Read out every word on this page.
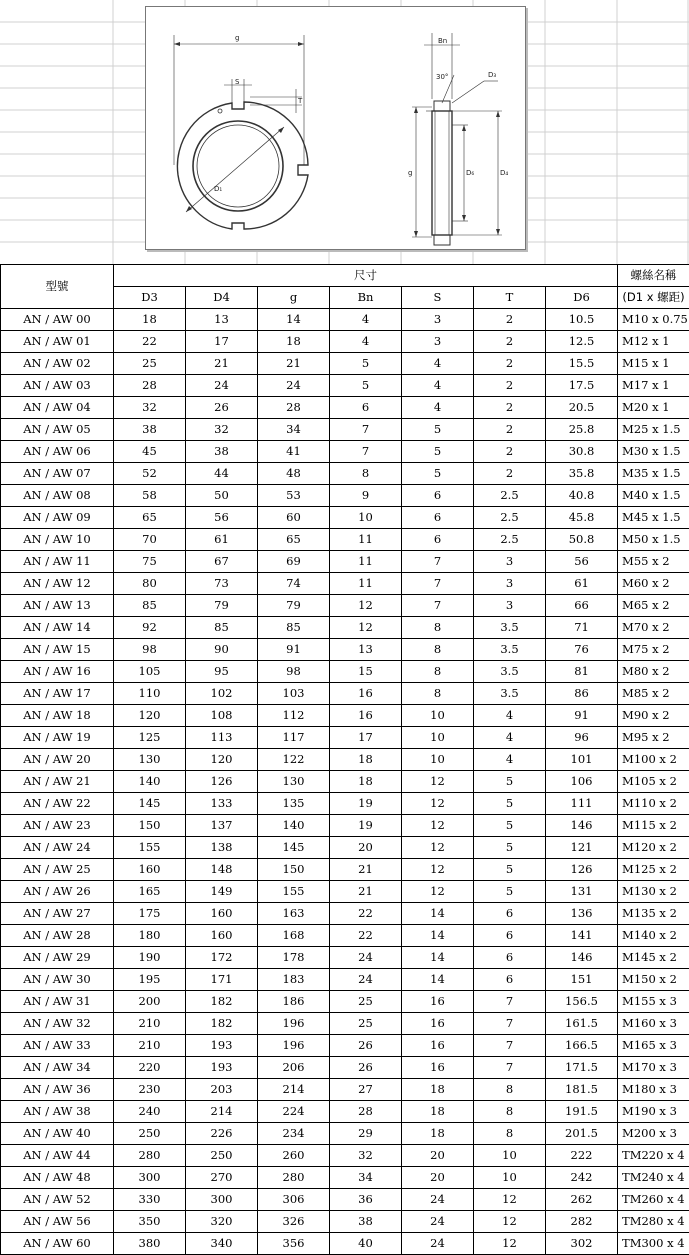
g
S
T
D₁
Bn
30°	D₃
g	D₆	D₄
型號	尺寸							螺絲名稱
	D3	D4	g	Bn	S	T	D6	(D1 x 螺距)
AN / AW 00	18	13	14	4	3	2	10.5	M10 x 0.75
AN / AW 01	22	17	18	4	3	2	12.5	M12 x 1
AN / AW 02	25	21	21	5	4	2	15.5	M15 x 1
AN / AW 03	28	24	24	5	4	2	17.5	M17 x 1
AN / AW 04	32	26	28	6	4	2	20.5	M20 x 1
AN / AW 05	38	32	34	7	5	2	25.8	M25 x 1.5
AN / AW 06	45	38	41	7	5	2	30.8	M30 x 1.5
AN / AW 07	52	44	48	8	5	2	35.8	M35 x 1.5
AN / AW 08	58	50	53	9	6	2.5	40.8	M40 x 1.5
AN / AW 09	65	56	60	10	6	2.5	45.8	M45 x 1.5
AN / AW 10	70	61	65	11	6	2.5	50.8	M50 x 1.5
AN / AW 11	75	67	69	11	7	3	56	M55 x 2
AN / AW 12	80	73	74	11	7	3	61	M60 x 2
AN / AW 13	85	79	79	12	7	3	66	M65 x 2
AN / AW 14	92	85	85	12	8	3.5	71	M70 x 2
AN / AW 15	98	90	91	13	8	3.5	76	M75 x 2
AN / AW 16	105	95	98	15	8	3.5	81	M80 x 2
AN / AW 17	110	102	103	16	8	3.5	86	M85 x 2
AN / AW 18	120	108	112	16	10	4	91	M90 x 2
AN / AW 19	125	113	117	17	10	4	96	M95 x 2
AN / AW 20	130	120	122	18	10	4	101	M100 x 2
AN / AW 21	140	126	130	18	12	5	106	M105 x 2
AN / AW 22	145	133	135	19	12	5	111	M110 x 2
AN / AW 23	150	137	140	19	12	5	146	M115 x 2
AN / AW 24	155	138	145	20	12	5	121	M120 x 2
AN / AW 25	160	148	150	21	12	5	126	M125 x 2
AN / AW 26	165	149	155	21	12	5	131	M130 x 2
AN / AW 27	175	160	163	22	14	6	136	M135 x 2
AN / AW 28	180	160	168	22	14	6	141	M140 x 2
AN / AW 29	190	172	178	24	14	6	146	M145 x 2
AN / AW 30	195	171	183	24	14	6	151	M150 x 2
AN / AW 31	200	182	186	25	16	7	156.5	M155 x 3
AN / AW 32	210	182	196	25	16	7	161.5	M160 x 3
AN / AW 33	210	193	196	26	16	7	166.5	M165 x 3
AN / AW 34	220	193	206	26	16	7	171.5	M170 x 3
AN / AW 36	230	203	214	27	18	8	181.5	M180 x 3
AN / AW 38	240	214	224	28	18	8	191.5	M190 x 3
AN / AW 40	250	226	234	29	18	8	201.5	M200 x 3
AN / AW 44	280	250	260	32	20	10	222	TM220 x 4
AN / AW 48	300	270	280	34	20	10	242	TM240 x 4
AN / AW 52	330	300	306	36	24	12	262	TM260 x 4
AN / AW 56	350	320	326	38	24	12	282	TM280 x 4
AN / AW 60	380	340	356	40	24	12	302	TM300 x 4
